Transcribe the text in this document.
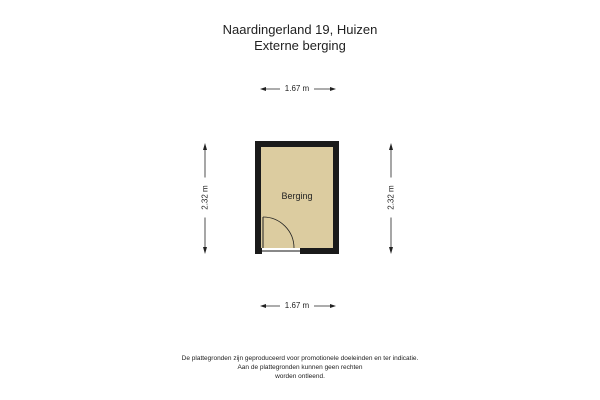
Naardingerland 19, Huizen
Externe berging
1.67 m
1.67 m
2.32 m	2.32 m
Berging
De plattegronden zijn geproduceerd voor promotionele doeleinden en ter indicatie.
Aan de plattegronden kunnen geen rechten
worden ontleend.
